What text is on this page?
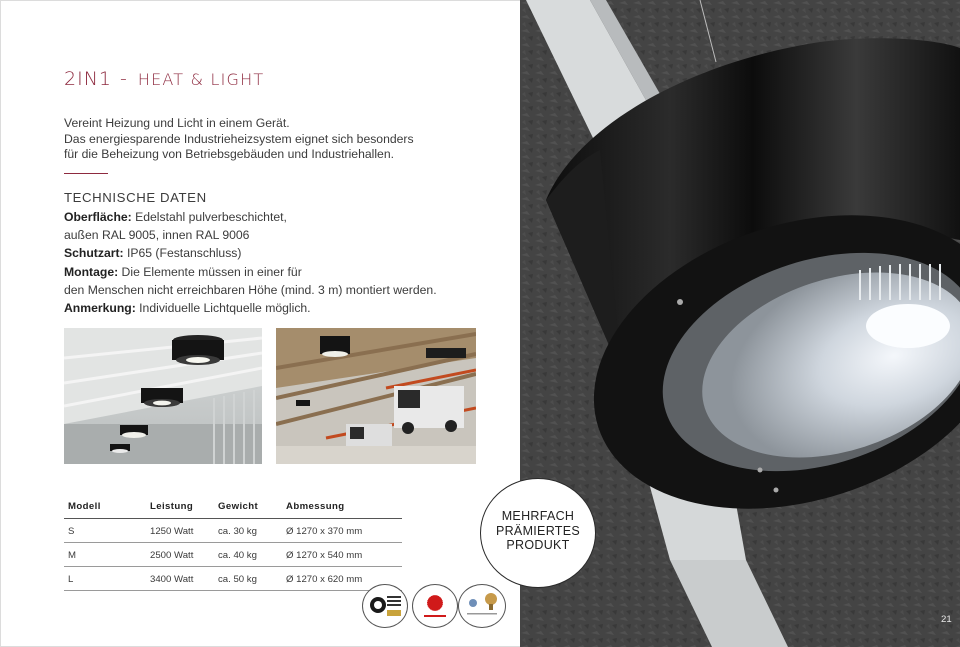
2IN1 - HEAT & LIGHT
Vereint Heizung und Licht in einem Gerät.
Das energiesparende Industrieheizsystem eignet sich besonders
für die Beheizung von Betriebsgebäuden und Industriehallen.
TECHNISCHE DATEN
Oberfläche: Edelstahl pulverbeschichtet,
außen RAL 9005, innen RAL 9006
Schutzart: IP65 (Festanschluss)
Montage: Die Elemente müssen in einer für
den Menschen nicht erreichbaren Höhe (mind. 3 m) montiert werden.
Anmerkung: Individuelle Lichtquelle möglich.
Modell	Leistung	Gewicht	Abmessung
S	1250 Watt	ca. 30 kg	Ø 1270 x 370 mm
M	2500 Watt	ca. 40 kg	Ø 1270 x 540 mm
L	3400 Watt	ca. 50 kg	Ø 1270 x 620 mm
MEHRFACH
PRÄMIERTES
PRODUKT
21
